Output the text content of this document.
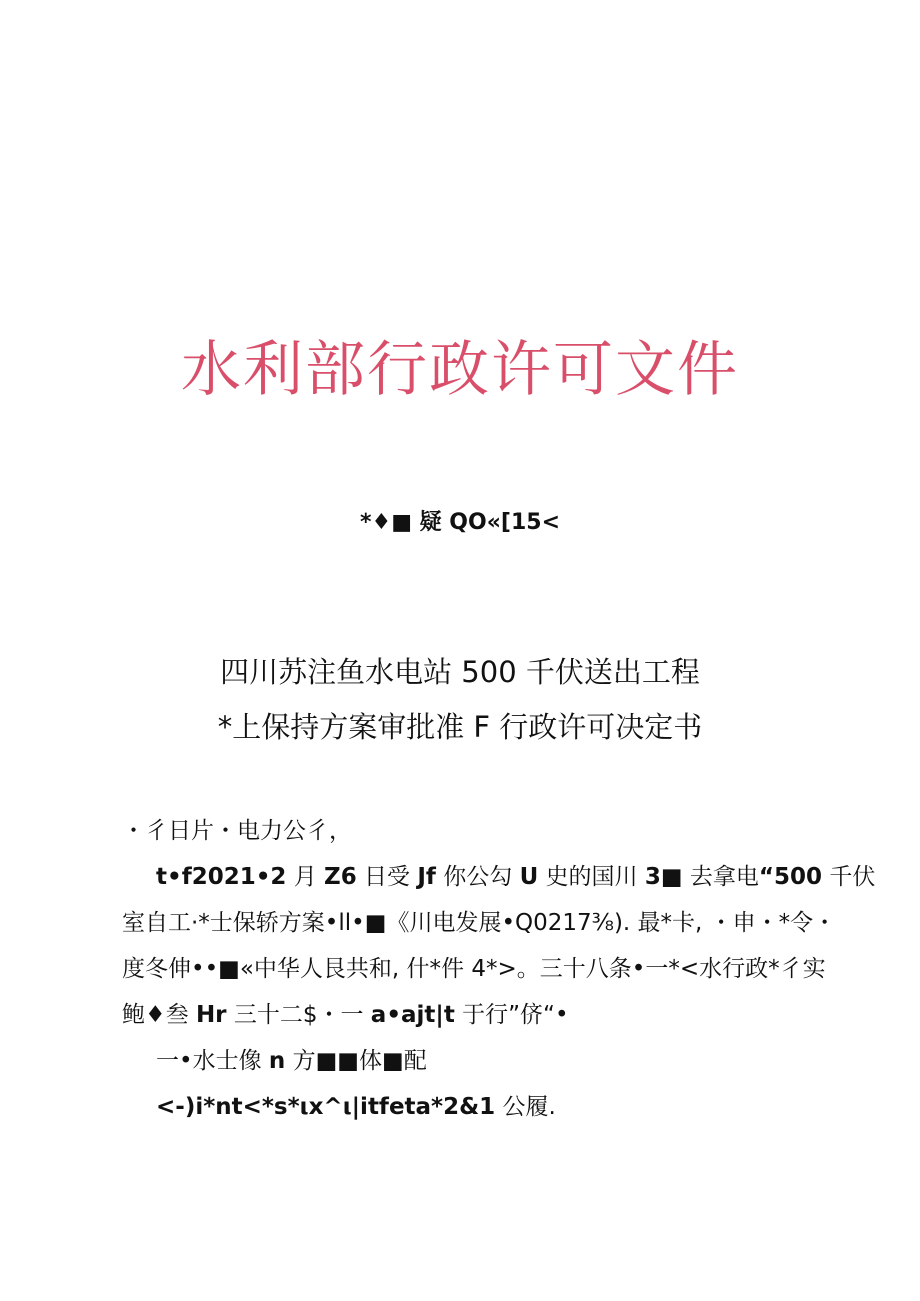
水利部行政许可文件
*♦■ 疑 QO«[15<
四川苏注鱼水电站 500 千伏送出工程
*上保持方案审批准 F 行政许可决定书
・彳日片・电力公彳，
t•f2021•2 月 Z6 日受 Jf 你公勾 U 史的国川 3■ 去拿电“500 千伏
室自工·*士保轿方案•ll•■《川电发展•Q0217⅜). 最*卡, ・申・*令・
度冬伸••■«中华人艮共和, 什*件 4*>。三十八条•一*<水行政*彳实
鲍♦叁 Hr 三十二$・一 a•ajt|t 于行”侪“•
一•水士像 n 方■■体■配
<-)i*nt<*s*ιx^ι|itfeta*2&1 公履.
